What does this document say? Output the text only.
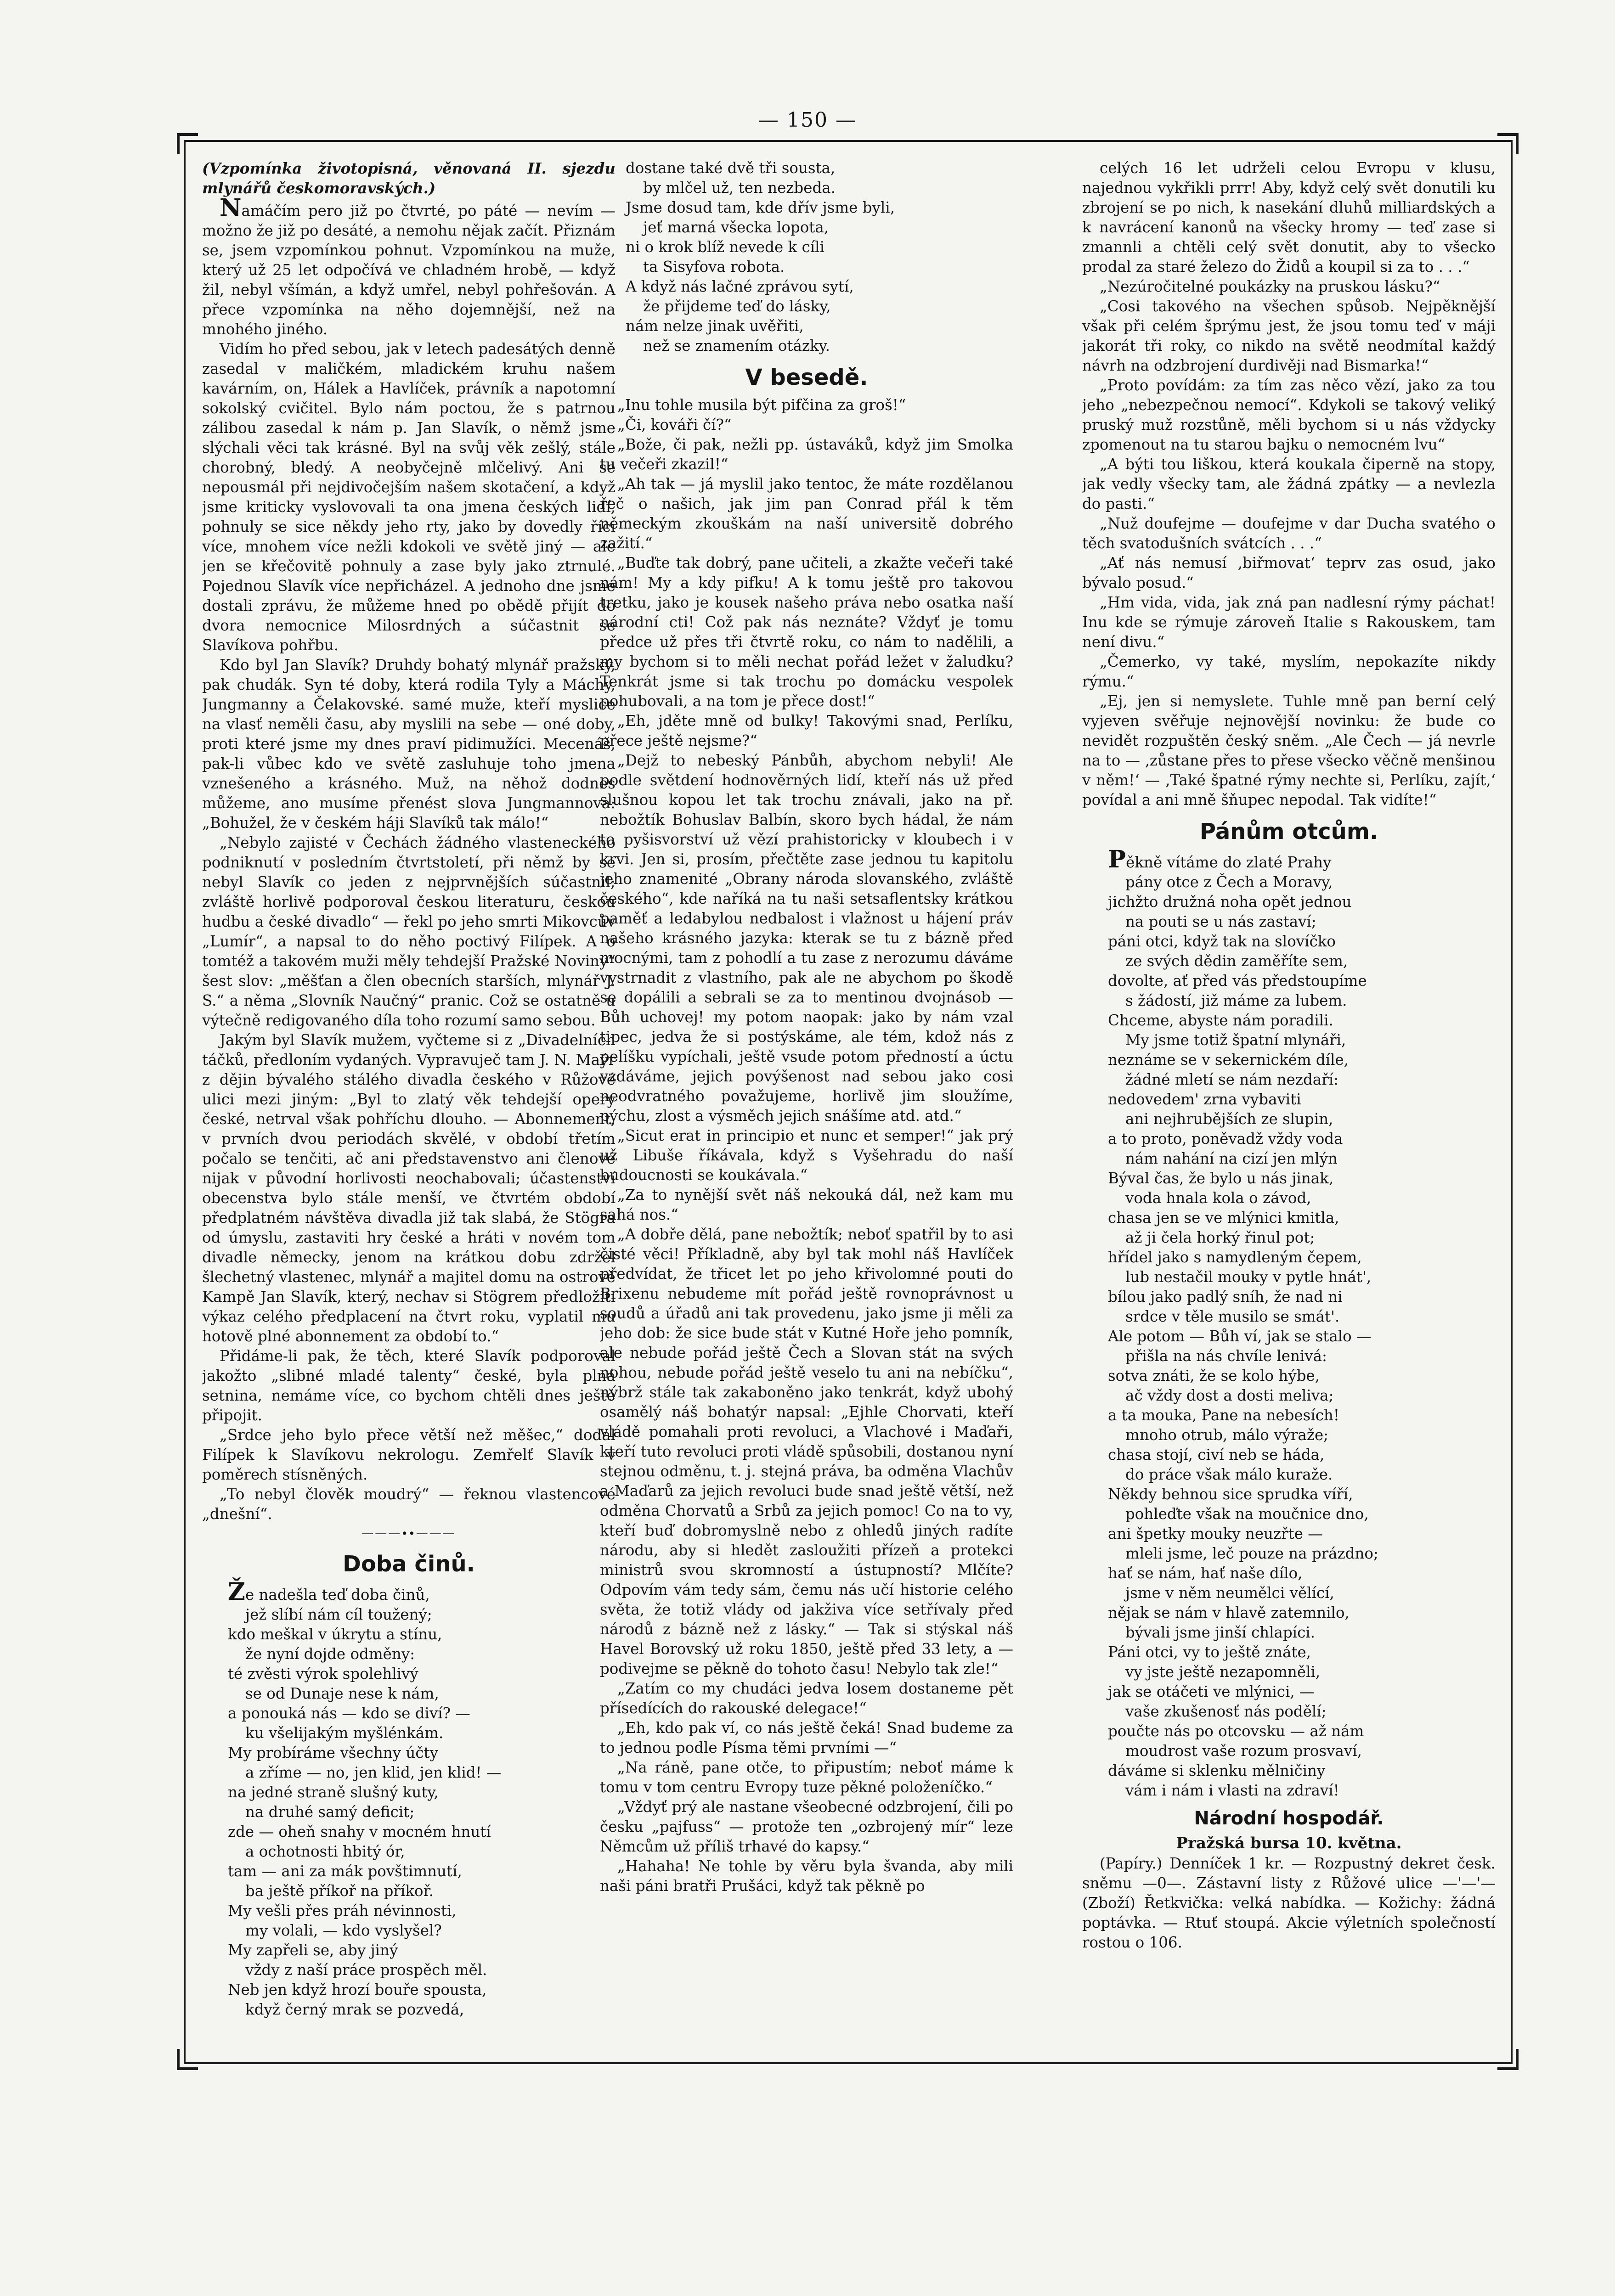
— 150 —

(Vzpomínka životopisná, věnovaná II. sjezdu mlynářů českomoravských.)

Namáčím pero již po čtvrté, po páté — nevím — možno že již po desáté, a nemohu nějak začít. Přiznám se, jsem vzpomínkou pohnut. Vzpomínkou na muže, který už 25 let odpočívá ve chladném hrobě, — když žil, nebyl všímán, a když umřel, nebyl pohřešován. A přece vzpomínka na něho dojemnější, než na mnohého jiného.

Vidím ho před sebou, jak v letech padesátých denně zasedal v maličkém, mladickém kruhu našem kavárním, on, Hálek a Havlíček, právník a napotomní sokolský cvičitel. Bylo nám poctou, že s patrnou zálibou zasedal k nám p. Jan Slavík, o němž jsme slýchali věci tak krásné. Byl na svůj věk zešlý, stále chorobný, bledý. A neobyčejně mlčelivý. Ani se nepousmál při nejdivočejším našem skotačení, a když jsme kriticky vyslovovali ta ona jmena českých lidí, pohnuly se sice někdy jeho rty, jako by dovedly říci více, mnohem více nežli kdokoli ve světě jiný — ale jen se křečovitě pohnuly a zase byly jako ztrnulé. Pojednou Slavík více nepřicházel. A jednoho dne jsme dostali zprávu, že můžeme hned po obědě přijít do dvora nemocnice Milosrdných a súčastnit se Slavíkova pohřbu.

Kdo byl Jan Slavík? Druhdy bohatý mlynář pražský, pak chudák. Syn té doby, která rodila Tyly a Máchy, Jungmanny a Čelakovské. samé muže, kteří myslice na vlasť neměli času, aby myslili na sebe — oné doby, proti které jsme my dnes praví pidimužíci. Mecenáš, pak-li vůbec kdo ve světě zasluhuje toho jmena vznešeného a krásného. Muž, na něhož dodnes můžeme, ano musíme přenést slova Jungmannova: „Bohužel, že v českém háji Slavíků tak málo!“

„Nebylo zajisté v Čechách žádného vlasteneckého podniknutí v posledním čtvrtstoletí, při němž by se nebyl Slavík co jeden z nejprvnějších súčastnil; zvláště horlivě podporoval českou literaturu, českou hudbu a české divadlo“ — řekl po jeho smrti Mikovcův „Lumír“, a napsal to do něho poctivý Filípek. A o tomtéž a takovém muži měly tehdejší Pražské Noviny“ šest slov: „měšťan a člen obecních starších, mlynář J. S.“ a něma „Slovník Naučný“ pranic. Což se ostatně u výtečně redigovaného díla toho rozumí samo sebou.

Jakým byl Slavík mužem, vyčteme si z „Divadelních táčků, předloním vydaných. Vypravuječ tam J. N. Maýr z dějin bývalého stálého divadla českého v Růžové ulici mezi jiným: „Byl to zlatý věk tehdejší opery české, netrval však pohříchu dlouho. — Abonnement, v prvních dvou periodách skvělé, v období třetím počalo se tenčiti, ač ani představenstvo ani členové nijak v původní horlivosti neochabovali; účastenství obecenstva bylo stále menší, ve čtvrtém období předplatném návštěva divadla již tak slabá, že Stögra od úmyslu, zastaviti hry české a hráti v novém tom divadle německy, jenom na krátkou dobu zdržel šlechetný vlastenec, mlynář a majitel domu na ostrově Kampě Jan Slavík, který, nechav si Stögrem předložiti výkaz celého předplacení na čtvrt roku, vyplatil mu hotově plné abonnement za období to.“

Přidáme-li pak, že těch, které Slavík podporoval jakožto „slibné mladé talenty“ české, byla plná setnina, nemáme více, co bychom chtěli dnes ještě připojit.

„Srdce jeho bylo přece větší než měšec,“ dodal Filípek k Slavíkovu nekrologu. Zemřelť Slavík v poměrech stísněných.

„To nebyl člověk moudrý“ — řeknou vlastencové „dnešní“.

———∙∙———
Doba činů.
Že nadešla teď doba činů,
jež slíbí nám cíl toužený;
kdo meškal v úkrytu a stínu,
že nyní dojde odměny:
té zvěsti výrok spolehlivý
se od Dunaje nese k nám,
a ponouká nás — kdo se diví? —
ku všelijakým myšlénkám.
My probíráme všechny účty
a zříme — no, jen klid, jen klid! —
na jedné straně slušný kuty,
na druhé samý deficit;
zde — oheň snahy v mocném hnutí
a ochotnosti hbitý ór,
tam — ani za mák povštimnutí,
ba ještě příkoř na příkoř.
My vešli přes práh névinnosti,
my volali, — kdo vyslyšel?
My zapřeli se, aby jiný
vždy z naší práce prospěch měl.
Neb jen když hrozí bouře spousta,
když černý mrak se pozvedá,
dostane také dvě tři sousta,
by mlčel už, ten nezbeda.
Jsme dosud tam, kde dřív jsme byli,
jeť marná všecka lopota,
ni o krok blíž nevede k cíli
ta Sisyfova robota.
A když nás lačné zprávou sytí,
že přijdeme teď do lásky,
nám nelze jinak uvěřiti,
než se znamením otázky.
V besedě.

„Inu tohle musila být pifčina za groš!“

„Či, kováři čí?“

„Bože, či pak, nežli pp. ústaváků, když jim Smolka tu večeři zkazil!“

„Ah tak — já myslil jako tentoc, že máte rozdělanou řeč o našich, jak jim pan Conrad přál k těm německým zkouškám na naší universitě dobrého zažití.“

„Buďte tak dobrý, pane učiteli, a zkažte večeři také nám! My a kdy pifku! A k tomu ještě pro takovou tretku, jako je kousek našeho práva nebo osatka naší národní cti! Což pak nás neznáte? Vždyť je tomu předce už přes tři čtvrtě roku, co nám to nadělili, a my bychom si to měli nechat pořád ležet v žaludku? Tenkrát jsme si tak trochu po domácku vespolek pohubovali, a na tom je přece dost!“

„Eh, jděte mně od bulky! Takovými snad, Perlíku, přece ještě nejsme?“

„Dejž to nebeský Pánbůh, abychom nebyli! Ale podle světdení hodnověrných lidí, kteří nás už před slušnou kopou let tak trochu znávali, jako na př. nebožtík Bohuslav Balbín, skoro bych hádal, že nám to pyšisvorství už vězí prahistoricky v kloubech i v krvi. Jen si, prosím, přečtěte zase jednou tu kapitolu jeho znamenité „Obrany národa slovanského, zvláště českého“, kde naříká na tu naši setsaflentsky krátkou paměť a ledabylou nedbalost i vlažnost u hájení práv našeho krásného jazyka: kterak se tu z bázně před mocnými, tam z pohodlí a tu zase z nerozumu dáváme vystrnadit z vlastního, pak ale ne abychom po škodě se dopálili a sebrali se za to mentinou dvojnásob — Bůh uchovej! my potom naopak: jako by nám vzal tipec, jedva že si postýskáme, ale tém, kdož nás z pelíšku vypíchali, ještě vsude potom předností a úctu vzdáváme, jejich povýšenost nad sebou jako cosi neodvratného považujeme, horlivě jim sloužíme, pýchu, zlost a výsměch jejich snášíme atd. atd.“

„Sicut erat in principio et nunc et semper!“ jak prý už Libuše říkávala, když s Vyšehradu do naší budoucnosti se koukávala.“

„Za to nynější svět náš nekouká dál, než kam mu sahá nos.“

„A dobře dělá, pane nebožtík; neboť spatřil by to asi čisté věci! Příkladně, aby byl tak mohl náš Havlíček předvídat, že třicet let po jeho křivolomné pouti do Brixenu nebudeme mít pořád ještě rovnoprávnost u soudů a úřadů ani tak provedenu, jako jsme ji měli za jeho dob: že sice bude stát v Kutné Hoře jeho pomník, ale nebude pořád ještě Čech a Slovan stát na svých nohou, nebude pořád ještě veselo tu ani na nebíčku“, nýbrž stále tak zakaboněno jako tenkrát, když ubohý osamělý náš bohatýr napsal: „Ejhle Chorvati, kteří vládě pomahali proti revoluci, a Vlachové i Maďaři, kteří tuto revoluci proti vládě spůsobili, dostanou nyní stejnou odměnu, t. j. stejná práva, ba odměna Vlachův a Maďarů za jejich revoluci bude snad ještě větší, než odměna Chorvatů a Srbů za jejich pomoc! Co na to vy, kteří buď dobromyslně nebo z ohledů jiných radíte národu, aby si hledět zasloužiti přízeň a protekci ministrů svou skromností a ústupností? Mlčíte? Odpovím vám tedy sám, čemu nás učí historie celého světa, že totiž vlády od jakživa více setřívaly před národů z bázně než z lásky.“ — Tak si stýskal náš Havel Borovský už roku 1850, ještě před 33 lety, a — podivejme se pěkně do tohoto času! Nebylo tak zle!“

„Zatím co my chudáci jedva losem dostaneme pět přísedících do rakouské delegace!“

„Eh, kdo pak ví, co nás ještě čeká! Snad budeme za to jednou podle Písma těmi prvními —“

„Na ráně, pane otče, to připustím; neboť máme k tomu v tom centru Evropy tuze pěkné položeníčko.“

„Vždyť prý ale nastane všeobecné odzbrojení, čili po česku „pajfuss“ — protože ten „ozbrojený mír“ leze Němcům už příliš trhavé do kapsy.“

„Hahaha! Ne tohle by věru byla švanda, aby mili naši páni bratři Prušáci, když tak pěkně po

celých 16 let udrželi celou Evropu v klusu, najednou vykřikli prrr! Aby, když celý svět donutili ku zbrojení se po nich, k nasekání dluhů milliardských a k navrácení kanonů na všecky hromy — teď zase si zmannli a chtěli celý svět donutit, aby to všecko prodal za staré železo do Židů a koupil si za to . . .“

„Nezúročitelné poukázky na pruskou lásku?“

„Cosi takového na všechen spůsob. Nejpěknější však při celém šprýmu jest, že jsou tomu teď v máji jakorát tři roky, co nikdo na světě neodmítal každý návrh na odzbrojení durdivěji nad Bismarka!“

„Proto povídám: za tím zas něco vězí, jako za tou jeho „nebezpečnou nemocí“. Kdykoli se takový veliký pruský muž rozstůně, měli bychom si u nás vždycky zpomenout na tu starou bajku o nemocném lvu“

„A býti tou liškou, která koukala čiperně na stopy, jak vedly všecky tam, ale žádná zpátky — a nevlezla do pasti.“

„Nuž doufejme — doufejme v dar Ducha svatého o těch svatodušních svátcích . . .“

„Ať nás nemusí ‚biřmovat‘ teprv zas osud, jako bývalo posud.“

„Hm vida, vida, jak zná pan nadlesní rýmy páchat! Inu kde se rýmuje zároveň Italie s Rakouskem, tam není divu.“

„Čemerko, vy také, myslím, nepokazíte nikdy rýmu.“

„Ej, jen si nemyslete. Tuhle mně pan berní celý vyjeven svěřuje nejnovější novinku: že bude co nevidět rozpuštěn český sněm. „Ale Čech — já nevrle na to — ‚zůstane přes to přese všecko věčně menšinou v něm!‘ — ‚Také špatné rýmy nechte si, Perlíku, zajít,‘ povídal a ani mně šňupec nepodal. Tak vidíte!“

Pánům otcům.
Pěkně vítáme do zlaté Prahy
pány otce z Čech a Moravy,
jichžto družná noha opět jednou
na pouti se u nás zastaví;
páni otci, když tak na slovíčko
ze svých dědin zaměříte sem,
dovolte, ať před vás předstoupíme
s žádostí, již máme za lubem.
Chceme, abyste nám poradili.
My jsme totiž špatní mlynáři,
neznáme se v sekernickém díle,
žádné mletí se nám nezdaří:
nedovedem' zrna vybaviti
ani nejhrubějších ze slupin,
a to proto, poněvadž vždy voda
nám nahání na cizí jen mlýn
Býval čas, že bylo u nás jinak,
voda hnala kola o závod,
chasa jen se ve mlýnici kmitla,
až ji čela horký řinul pot;
hřídel jako s namydleným čepem,
lub nestačil mouky v pytle hnát',
bílou jako padlý sníh, že nad ni
srdce v těle musilo se smát'.
Ale potom — Bůh ví, jak se stalo —
přišla na nás chvíle lenivá:
sotva znáti, že se kolo hýbe,
ač vždy dost a dosti meliva;
a ta mouka, Pane na nebesích!
mnoho otrub, málo výraže;
chasa stojí, civí neb se háda,
do práce však málo kuraže.
Někdy behnou sice sprudka víří,
pohleďte však na moučnice dno,
ani špetky mouky neuzřte —
mleli jsme, leč pouze na prázdno;
hať se nám, hať naše dílo,
jsme v něm neumělci vělící,
nějak se nám v hlavě zatemnilo,
bývali jsme jinší chlapíci.
Páni otci, vy to ještě znáte,
vy jste ještě nezapomněli,
jak se otáčeti ve mlýnici, —
vaše zkušenosť nás podělí;
poučte nás po otcovsku — až nám
moudrost vaše rozum prosvaví,
dáváme si sklenku mělničiny
vám i nám i vlasti na zdraví!
Národní hospodář.
Pražská bursa 10. května.

(Papíry.) Denníček 1 kr. — Rozpustný dekret česk. sněmu —0—. Zástavní listy z Růžové ulice —'—'— (Zboží) Řetkvička: velká nabídka. — Kožichy: žádná poptávka. — Rtuť stoupá. Akcie výletních společností rostou o 106.
